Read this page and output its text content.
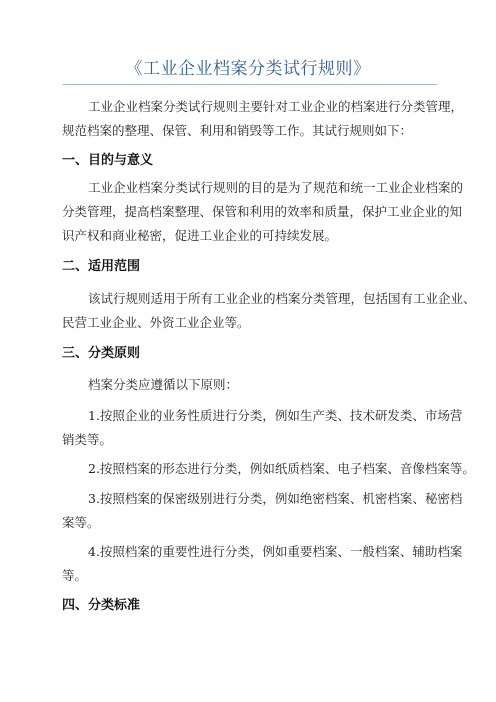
《工业企业档案分类试行规则》

工业企业档案分类试行规则主要针对工业企业的档案进行分类管理，
规范档案的整理、保管、利用和销毁等工作。其试行规则如下：

一、目的与意义

工业企业档案分类试行规则的目的是为了规范和统一工业企业档案的
分类管理，提高档案整理、保管和利用的效率和质量，保护工业企业的知
识产权和商业秘密，促进工业企业的可持续发展。

二、适用范围

该试行规则适用于所有工业企业的档案分类管理，包括国有工业企业、
民营工业企业、外资工业企业等。

三、分类原则

档案分类应遵循以下原则：

1.按照企业的业务性质进行分类，例如生产类、技术研发类、市场营
销类等。

2.按照档案的形态进行分类，例如纸质档案、电子档案、音像档案等。

3.按照档案的保密级别进行分类，例如绝密档案、机密档案、秘密档
案等。

4.按照档案的重要性进行分类，例如重要档案、一般档案、辅助档案
等。

四、分类标准
